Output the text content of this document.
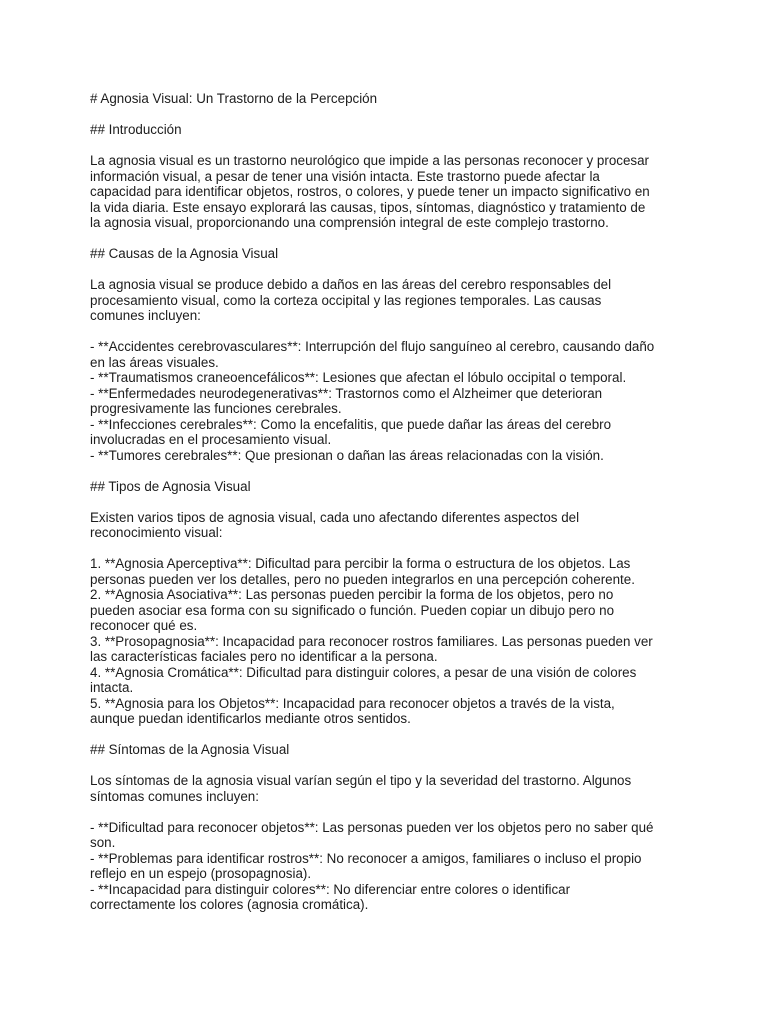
# Agnosia Visual: Un Trastorno de la Percepción
## Introducción
La agnosia visual es un trastorno neurológico que impide a las personas reconocer y procesar
información visual, a pesar de tener una visión intacta. Este trastorno puede afectar la
capacidad para identificar objetos, rostros, o colores, y puede tener un impacto significativo en
la vida diaria. Este ensayo explorará las causas, tipos, síntomas, diagnóstico y tratamiento de
la agnosia visual, proporcionando una comprensión integral de este complejo trastorno.
## Causas de la Agnosia Visual
La agnosia visual se produce debido a daños en las áreas del cerebro responsables del
procesamiento visual, como la corteza occipital y las regiones temporales. Las causas
comunes incluyen:
- **Accidentes cerebrovasculares**: Interrupción del flujo sanguíneo al cerebro, causando daño
en las áreas visuales.
- **Traumatismos craneoencefálicos**: Lesiones que afectan el lóbulo occipital o temporal.
- **Enfermedades neurodegenerativas**: Trastornos como el Alzheimer que deterioran
progresivamente las funciones cerebrales.
- **Infecciones cerebrales**: Como la encefalitis, que puede dañar las áreas del cerebro
involucradas en el procesamiento visual.
- **Tumores cerebrales**: Que presionan o dañan las áreas relacionadas con la visión.
## Tipos de Agnosia Visual
Existen varios tipos de agnosia visual, cada uno afectando diferentes aspectos del
reconocimiento visual:
1. **Agnosia Aperceptiva**: Dificultad para percibir la forma o estructura de los objetos. Las
personas pueden ver los detalles, pero no pueden integrarlos en una percepción coherente.
2. **Agnosia Asociativa**: Las personas pueden percibir la forma de los objetos, pero no
pueden asociar esa forma con su significado o función. Pueden copiar un dibujo pero no
reconocer qué es.
3. **Prosopagnosia**: Incapacidad para reconocer rostros familiares. Las personas pueden ver
las características faciales pero no identificar a la persona.
4. **Agnosia Cromática**: Dificultad para distinguir colores, a pesar de una visión de colores
intacta.
5. **Agnosia para los Objetos**: Incapacidad para reconocer objetos a través de la vista,
aunque puedan identificarlos mediante otros sentidos.
## Síntomas de la Agnosia Visual
Los síntomas de la agnosia visual varían según el tipo y la severidad del trastorno. Algunos
síntomas comunes incluyen:
- **Dificultad para reconocer objetos**: Las personas pueden ver los objetos pero no saber qué
son.
- **Problemas para identificar rostros**: No reconocer a amigos, familiares o incluso el propio
reflejo en un espejo (prosopagnosia).
- **Incapacidad para distinguir colores**: No diferenciar entre colores o identificar
correctamente los colores (agnosia cromática).
